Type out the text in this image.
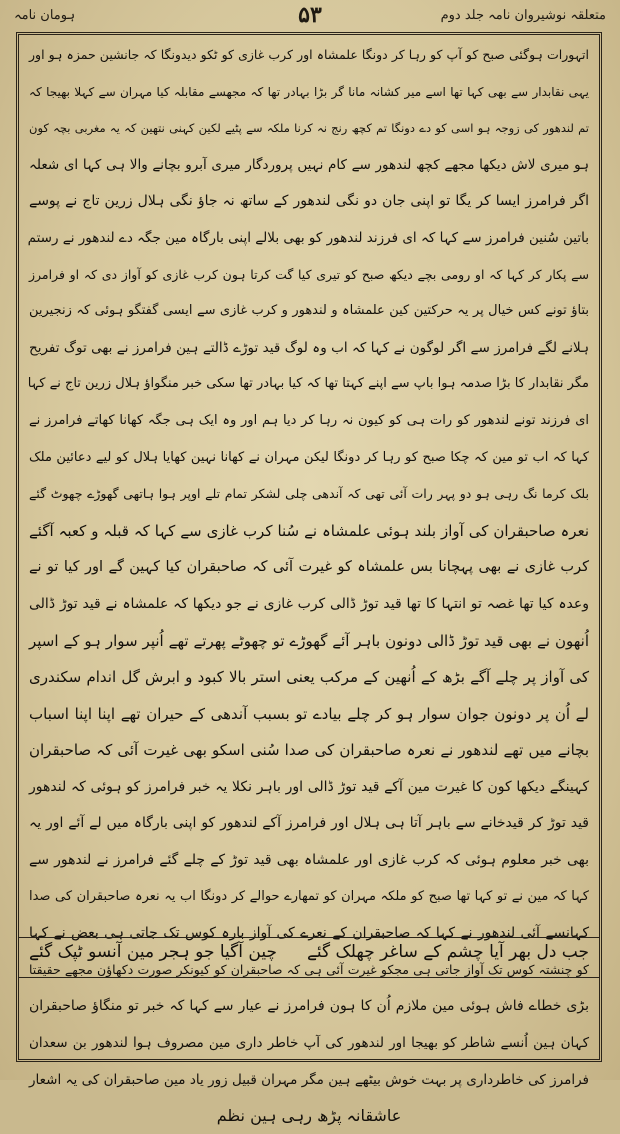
متعلقہ نوشیروان نامہ جلد دوم
۵۳
ہومان نامہ
اتہورات ہوگئی صبح کو آپ کو رہا کر دونگا علمشاہ اور کرب غازی کو ٹکو دیدونگا کہ جانشین حمزہ ہو اور
یہی نقابدار سے بھی کہا تھا اسے میر کشانہ مانا گر بڑا بہادر تھا کہ مجھسے مقابلہ کیا مہران سے کہلا بھیجا کہ
تم لندھور کی زوجہ ہو اسی کو دے دونگا تم کچھ رنج نہ کرنا ملکہ سے پٹیے لکین کہنی نتھین کہ یہ مغربی بچہ کون
ہو میری لاش دیکھا مجھے کچھ لندھور سے کام نہیں پروردگار میری آبرو بچانے والا ہی کہا ای شعلہ
اگر فرامرز ایسا کر یگا تو اپنی جان دو نگی لندھور کے ساتھ نہ جاؤ نگی ہلال زرین تاج نے پوسے
باتین سُنین فرامرز سے کہا کہ ای فرزند لندھور کو بھی بلالے اپنی بارگاہ مین جگہ دے لندھور نے رستم
سے پکار کر کہا کہ او رومی بچے دیکھ صبح کو تیری کیا گت کرتا ہون کرب غازی کو آواز دی کہ او فرامرز
بتاؤ تونے کس خیال پر یہ حرکتین کین علمشاہ و لندھور و کرب غازی سے ایسی گفتگو ہوئی کہ زنجیرین
ہلانے لگے فرامرز سے اگر لوگون نے کہا کہ اب وہ لوگ قید توڑے ڈالتے ہین فرامرز نے بھی توگ تفریح
مگر نقابدار کا بڑا صدمہ ہوا باپ سے اپنے کہتا تھا کہ کیا بہادر تھا سکی خبر منگواؤ ہلال زرین تاج نے کہا
ای فرزند تونے لندھور کو رات ہی کو کیون نہ رہا کر دیا ہم اور وہ ایک ہی جگہ کھانا کھاتے فرامرز نے
کہا کہ اب تو مین کہ چکا صبح کو رہا کر دونگا لیکن مہران نے کھانا نہین کھایا ہلال کو لیے دعائین ملک
بلک کرما نگ رہی ہو دو پہر رات آئی تھی کہ آندھی چلی لشکر تمام تلے اوپر ہوا ہاتھی گھوڑے چھوٹ گئے
نعرہ صاحبقران کی آواز بلند ہوئی علمشاہ نے سُنا کرب غازی سے کہا کہ قبلہ و کعبہ آگئے
کرب غازی نے بھی پہچانا بس علمشاہ کو غیرت آئی کہ صاحبقران کیا کہین گے اور کیا تو نے
وعدہ کیا تھا غصہ تو انتہا کا تھا قید توڑ ڈالی کرب غازی نے جو دیکھا کہ علمشاہ نے قید توڑ ڈالی
اُنھون نے بھی قید توڑ ڈالی دونون باہر آئے گھوڑے تو چھوٹے پھرتے تھے اُنپر سوار ہو کے اسپر
کی آواز پر چلے آگے بڑھ کے اُنھین کے مرکب یعنی استر بالا کبود و ابرش گل اندام سکندری
لے اُن پر دونون جوان سوار ہو کر چلے بیادے تو بسبب آندھی کے حیران تھے اپنا اپنا اسباب
بچانے میں تھے لندھور نے نعرہ صاحبقران کی صدا سُنی اسکو بھی غیرت آئی کہ صاحبقران
کہینگے دیکھا کون کا غیرت مین آکے قید توڑ ڈالی اور باہر نکلا یہ خبر فرامرز کو ہوئی کہ لندھور
قید توڑ کر قیدخانے سے باہر آتا ہی ہلال اور فرامرز آکے لندھور کو اپنی بارگاہ میں لے آئے اور یہ
بھی خبر معلوم ہوئی کہ کرب غازی اور علمشاہ بھی قید توڑ کے چلے گئے فرامرز نے لندھور سے
کہا کہ مین نے تو کہا تھا صبح کو ملکہ مہران کو تمھارے حوالے کر دونگا اب یہ نعرہ صاحبقران کی صدا
کہانسے آئی لندھور نے کہا کہ صاحبقران کے نعرے کی آواز بارہ کوس تک جاتی ہی بعض نے کہا
کو چنشتہ کوس تک آواز جاتی ہی مجکو غیرت آئی ہی کہ صاحبقران کو کیونکر صورت دکھاؤن مجھے حقیقتا
بڑی خطاے فاش ہوئی مین ملازم اُن کا ہون فرامرز نے عیار سے کہا کہ خبر تو منگاؤ صاحبقران
کہان ہین اُنسے شاطر کو بھیجا اور لندھور کی آپ خاطر داری مین مصروف ہوا لندھور بن سعدان
فرامرز کی خاطرداری پر بہت خوش بیٹھے ہین مگر مہران قبیل زور یاد مین صاحبقران کی یہ اشعار
عاشقانہ پڑھ رہی ہین نظم
جب دل بھر آیا چشم کے ساغر چھلک گئے
چین آگیا جو ہجر مین آنسو ٹپک گئے
